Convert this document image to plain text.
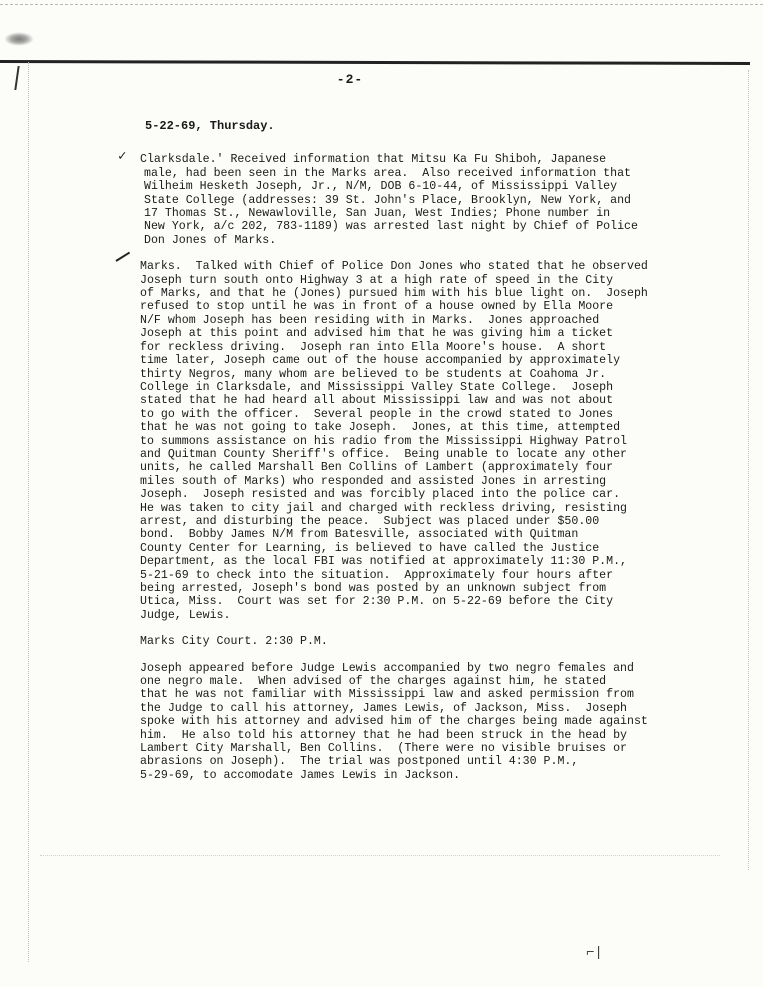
-2-
5-22-69, Thursday.
✓ Clarksdale.' Received information that Mitsu Ka Fu Shiboh, Japanese
male, had been seen in the Marks area.  Also received information that
Wilheim Hesketh Joseph, Jr., N/M, DOB 6-10-44, of Mississippi Valley
State College (addresses: 39 St. John's Place, Brooklyn, New York, and
17 Thomas St., Newawloville, San Juan, West Indies; Phone number in
New York, a/c 202, 783-1189) was arrested last night by Chief of Police
Don Jones of Marks.
Marks.  Talked with Chief of Police Don Jones who stated that he observed
Joseph turn south onto Highway 3 at a high rate of speed in the City
of Marks, and that he (Jones) pursued him with his blue light on.  Joseph
refused to stop until he was in front of a house owned by Ella Moore
N/F whom Joseph has been residing with in Marks.  Jones approached
Joseph at this point and advised him that he was giving him a ticket
for reckless driving.  Joseph ran into Ella Moore's house.  A short
time later, Joseph came out of the house accompanied by approximately
thirty Negros, many whom are believed to be students at Coahoma Jr.
College in Clarksdale, and Mississippi Valley State College.  Joseph
stated that he had heard all about Mississippi law and was not about
to go with the officer.  Several people in the crowd stated to Jones
that he was not going to take Joseph.  Jones, at this time, attempted
to summons assistance on his radio from the Mississippi Highway Patrol
and Quitman County Sheriff's office.  Being unable to locate any other
units, he called Marshall Ben Collins of Lambert (approximately four
miles south of Marks) who responded and assisted Jones in arresting
Joseph.  Joseph resisted and was forcibly placed into the police car.
He was taken to city jail and charged with reckless driving, resisting
arrest, and disturbing the peace.  Subject was placed under $50.00
bond.  Bobby James N/M from Batesville, associated with Quitman
County Center for Learning, is believed to have called the Justice
Department, as the local FBI was notified at approximately 11:30 P.M.,
5-21-69 to check into the situation.  Approximately four hours after
being arrested, Joseph's bond was posted by an unknown subject from
Utica, Miss.  Court was set for 2:30 P.M. on 5-22-69 before the City
Judge, Lewis.
Marks City Court. 2:30 P.M.
Joseph appeared before Judge Lewis accompanied by two negro females and
one negro male.  When advised of the charges against him, he stated
that he was not familiar with Mississippi law and asked permission from
the Judge to call his attorney, James Lewis, of Jackson, Miss.  Joseph
spoke with his attorney and advised him of the charges being made against
him.  He also told his attorney that he had been struck in the head by
Lambert City Marshall, Ben Collins.  (There were no visible bruises or
abrasions on Joseph).  The trial was postponed until 4:30 P.M.,
5-29-69, to accomodate James Lewis in Jackson.
⌐|
